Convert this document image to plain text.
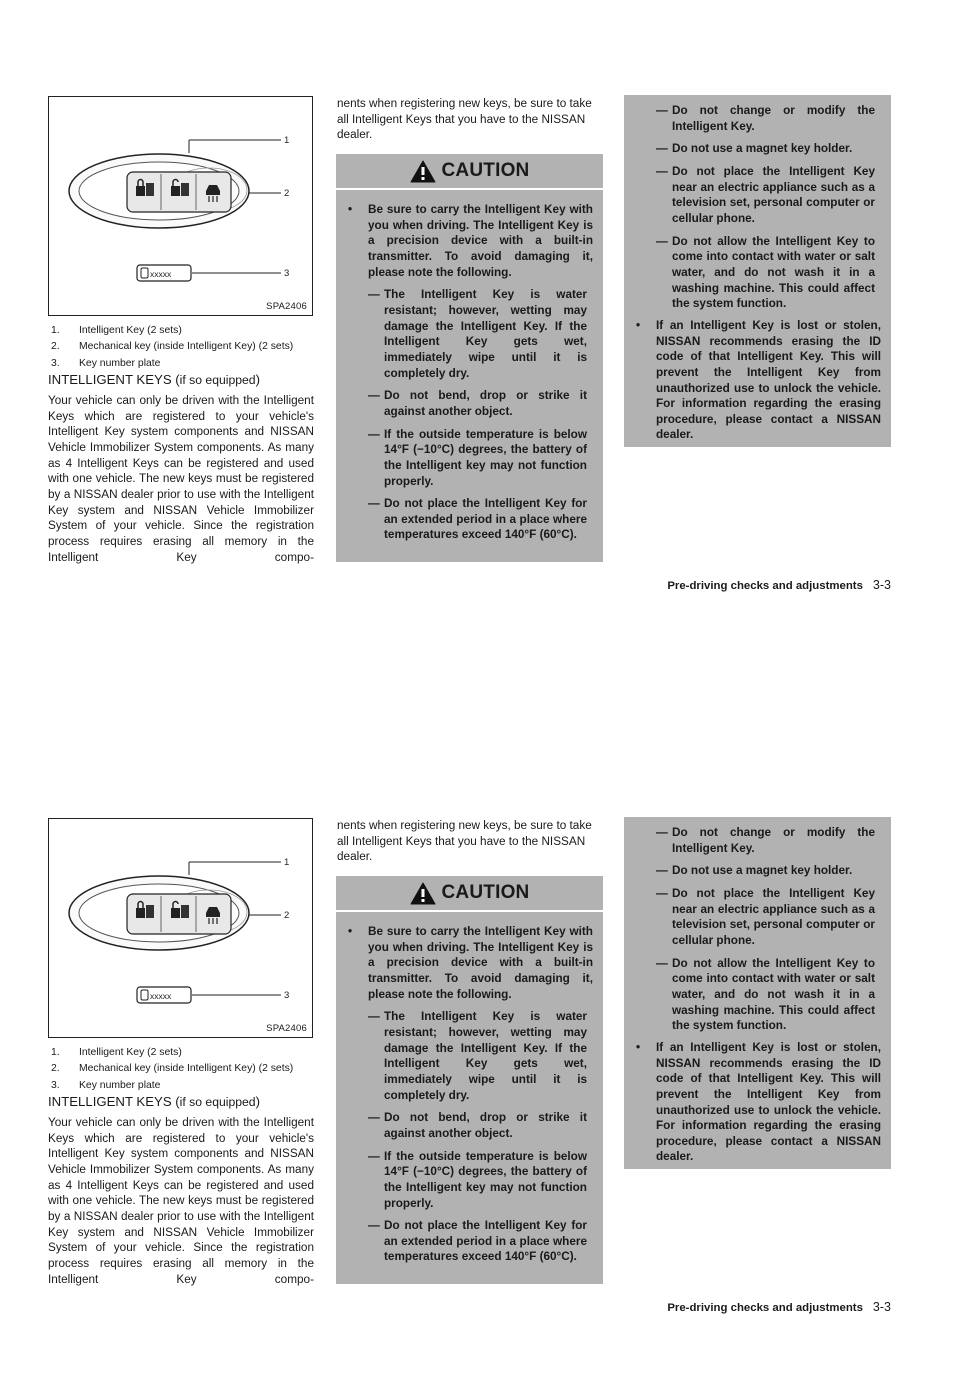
xxxxx
1
2
3
SPA2406
1. Intelligent Key (2 sets)
2. Mechanical key (inside Intelligent Key) (2 sets)
3. Key number plate
INTELLIGENT KEYS (if so equipped)
Your vehicle can only be driven with the Intelligent Keys which are registered to your vehicle's Intelligent Key system components and NISSAN Vehicle Immobilizer System components. As many as 4 Intelligent Keys can be registered and used with one vehicle. The new keys must be registered by a NISSAN dealer prior to use with the Intelligent Key system and NISSAN Vehicle Immobilizer System of your vehicle. Since the registration process requires erasing all memory in the Intelligent Key compo-
nents when registering new keys, be sure to take all Intelligent Keys that you have to the NISSAN dealer.
CAUTION
• Be sure to carry the Intelligent Key with you when driving. The Intelligent Key is a precision device with a built-in transmitter. To avoid damaging it, please note the following.
— The Intelligent Key is water resistant; however, wetting may damage the Intelligent Key. If the Intelligent Key gets wet, immediately wipe until it is completely dry.
— Do not bend, drop or strike it against another object.
— If the outside temperature is below 14°F (−10°C) degrees, the battery of the Intelligent key may not function properly.
— Do not place the Intelligent Key for an extended period in a place where temperatures exceed 140°F (60°C).
— Do not change or modify the Intelligent Key.
— Do not use a magnet key holder.
— Do not place the Intelligent Key near an electric appliance such as a television set, personal computer or cellular phone.
— Do not allow the Intelligent Key to come into contact with water or salt water, and do not wash it in a washing machine. This could affect the system function.
• If an Intelligent Key is lost or stolen, NISSAN recommends erasing the ID code of that Intelligent Key. This will prevent the Intelligent Key from unauthorized use to unlock the vehicle. For information regarding the erasing procedure, please contact a NISSAN dealer.
Pre-driving checks and adjustments 3-3
xxxxx
1
2
3
SPA2406
1. Intelligent Key (2 sets)
2. Mechanical key (inside Intelligent Key) (2 sets)
3. Key number plate
INTELLIGENT KEYS (if so equipped)
Your vehicle can only be driven with the Intelligent Keys which are registered to your vehicle's Intelligent Key system components and NISSAN Vehicle Immobilizer System components. As many as 4 Intelligent Keys can be registered and used with one vehicle. The new keys must be registered by a NISSAN dealer prior to use with the Intelligent Key system and NISSAN Vehicle Immobilizer System of your vehicle. Since the registration process requires erasing all memory in the Intelligent Key compo-
nents when registering new keys, be sure to take all Intelligent Keys that you have to the NISSAN dealer.
CAUTION
• Be sure to carry the Intelligent Key with you when driving. The Intelligent Key is a precision device with a built-in transmitter. To avoid damaging it, please note the following.
— The Intelligent Key is water resistant; however, wetting may damage the Intelligent Key. If the Intelligent Key gets wet, immediately wipe until it is completely dry.
— Do not bend, drop or strike it against another object.
— If the outside temperature is below 14°F (−10°C) degrees, the battery of the Intelligent key may not function properly.
— Do not place the Intelligent Key for an extended period in a place where temperatures exceed 140°F (60°C).
— Do not change or modify the Intelligent Key.
— Do not use a magnet key holder.
— Do not place the Intelligent Key near an electric appliance such as a television set, personal computer or cellular phone.
— Do not allow the Intelligent Key to come into contact with water or salt water, and do not wash it in a washing machine. This could affect the system function.
• If an Intelligent Key is lost or stolen, NISSAN recommends erasing the ID code of that Intelligent Key. This will prevent the Intelligent Key from unauthorized use to unlock the vehicle. For information regarding the erasing procedure, please contact a NISSAN dealer.
Pre-driving checks and adjustments 3-3
